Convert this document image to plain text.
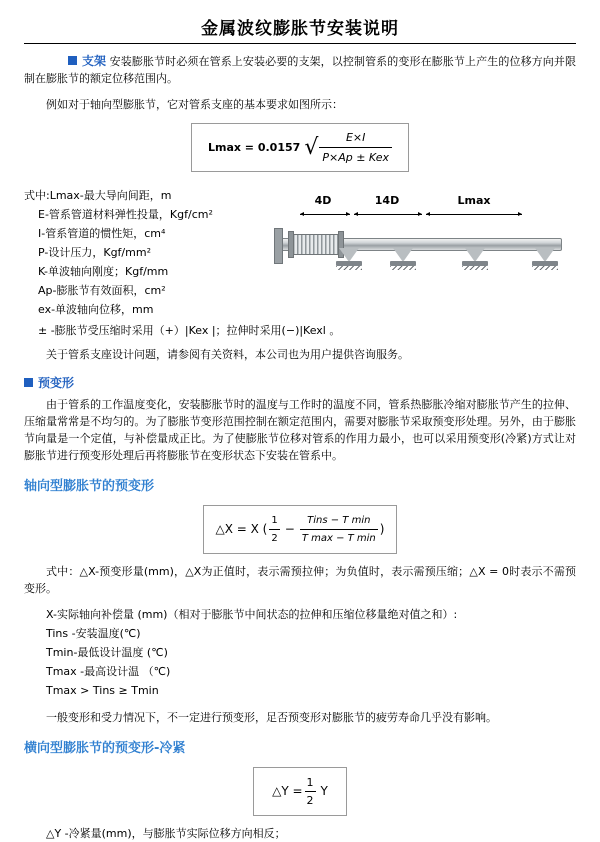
金属波纹膨胀节安装说明

支架 安装膨胀节时必须在管系上安装必要的支架，以控制管系的变形在膨胀节上产生的位移方向并限制在膨胀节的额定位移范围内。

例如对于轴向型膨胀节，它对管系支座的基本要求如图所示：

Lmax = 0.0157 √ $\frac{E\times I}{\text{P×Ap ± Kex}}$
式中:Lmax-最大导向间距，m
E-管系管道材料弹性投量，Kgf/cm²
I-管系管道的惯性矩，cm⁴
P-设计压力，Kgf/mm²
K-单波轴向刚度；Kgf/mm
Ap-膨胀节有效面积，cm²
ex-单波轴向位移，mm
4D	14D	Lmax
± -膨胀节受压缩时采用（+）|Kex |；拉伸时采用(−)|Kexl 。

关于管系支座设计问题，请参阅有关资料，本公司也为用户提供咨询服务。

预变形

由于管系的工作温度变化，安装膨胀节时的温度与工作时的温度不同，管系热膨胀冷缩对膨胀节产生的拉伸、压缩量常常是不均匀的。为了膨胀节变形范围控制在额定范围内，需要对膨胀节采取预变形处理。另外，由于膨胀节向量是一个定值，与补偿量成正比。为了使膨胀节位移对管系的作用力最小，也可以采用预变形(冷紧)方式让对膨胀节进行预变形处理后再将膨胀节在变形状态下安装在管系中。

轴向型膨胀节的预变形
△X = X (
1
2
−
Tins − T min
T max − T min
)

式中：△X-预变形量(mm)，△X为正值时，表示需预拉伸；为负值时，表示需预压缩；△X = 0时表示不需预变形。

X-实际轴向补偿量 (mm)（相对于膨胀节中间状态的拉伸和压缩位移量绝对值之和）:
Tins -安装温度(℃)
Tmin-最低设计温度 (℃)
Tmax -最高设计温 （℃)
Tmax > Tins ≥ Tmin

一般变形和受力情况下，不一定进行预变形，足否预变形对膨胀节的疲劳寿命几乎没有影响。

横向型膨胀节的预变形-冷紧
△Y = $\frac{1}{2}$ Y

△Y -冷紧量(mm)，与膨胀节实际位移方向相反；
